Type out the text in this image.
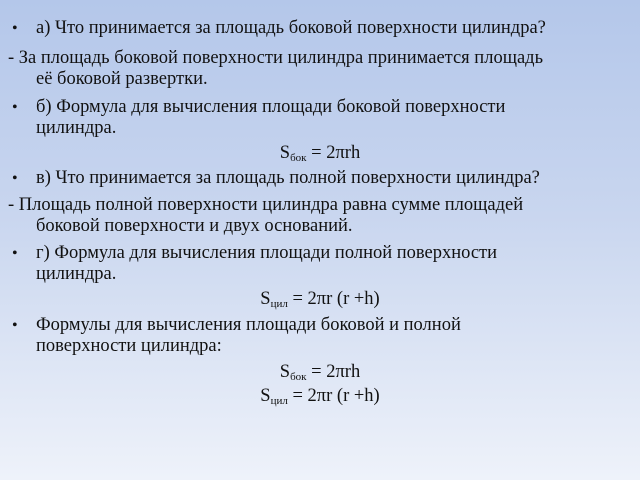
• а) Что принимается за площадь боковой поверхности цилиндра?
- За площадь боковой поверхности цилиндра принимается площадь
её боковой развертки.
• б) Формула для вычисления площади боковой поверхности
цилиндра.
Sбок = 2πrh
• в) Что принимается за площадь полной поверхности цилиндра?
- Площадь полной поверхности цилиндра равна сумме площадей
боковой поверхности и двух оснований.
• г) Формула для вычисления площади полной поверхности
цилиндра.
Sцил = 2πr (r +h)
• Формулы для вычисления площади боковой и полной
поверхности цилиндра:
Sбок = 2πrh
Sцил = 2πr (r +h)
